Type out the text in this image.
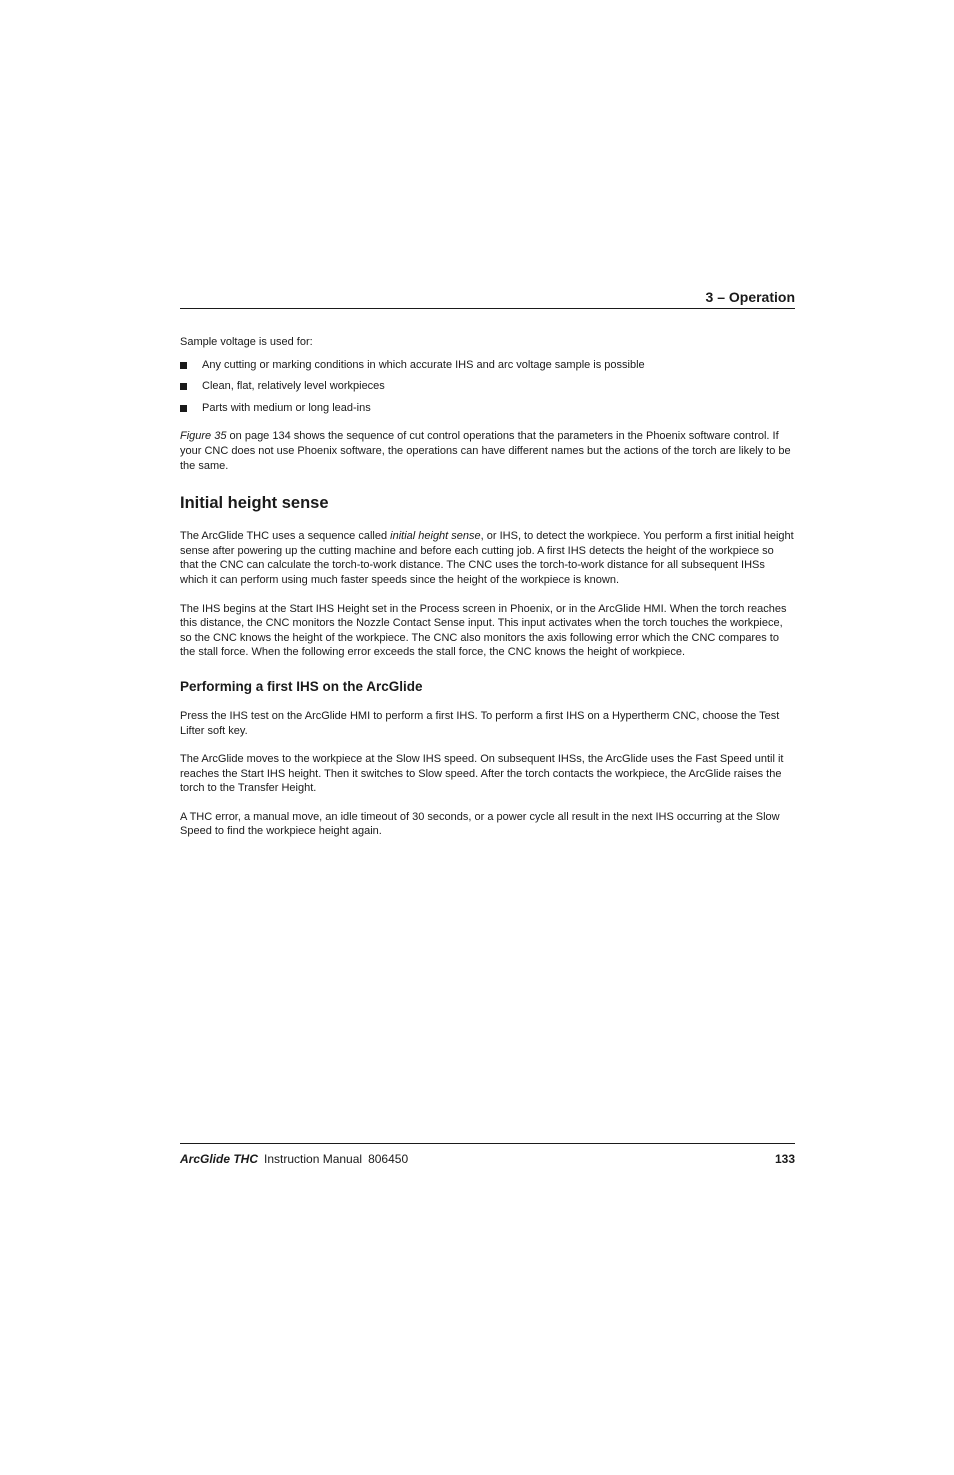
3 – Operation

Sample voltage is used for:

Any cutting or marking conditions in which accurate IHS and arc voltage sample is possible
Clean, flat, relatively level workpieces
Parts with medium or long lead-ins

Figure 35 on page 134 shows the sequence of cut control operations that the parameters in the Phoenix software control. If your CNC does not use Phoenix software, the operations can have different names but the actions of the torch are likely to be the same.

Initial height sense

The ArcGlide THC uses a sequence called initial height sense, or IHS, to detect the workpiece. You perform a first initial height sense after powering up the cutting machine and before each cutting job. A first IHS detects the height of the workpiece so that the CNC can calculate the torch-to-work distance. The CNC uses the torch-to-work distance for all subsequent IHSs which it can perform using much faster speeds since the height of the workpiece is known.

The IHS begins at the Start IHS Height set in the Process screen in Phoenix, or in the ArcGlide HMI. When the torch reaches this distance, the CNC monitors the Nozzle Contact Sense input. This input activates when the torch touches the workpiece, so the CNC knows the height of the workpiece. The CNC also monitors the axis following error which the CNC compares to the stall force. When the following error exceeds the stall force, the CNC knows the height of workpiece.

Performing a first IHS on the ArcGlide

Press the IHS test on the ArcGlide HMI to perform a first IHS. To perform a first IHS on a Hypertherm CNC, choose the Test Lifter soft key.

The ArcGlide moves to the workpiece at the Slow IHS speed. On subsequent IHSs, the ArcGlide uses the Fast Speed until it reaches the Start IHS height. Then it switches to Slow speed. After the torch contacts the workpiece, the ArcGlide raises the torch to the Transfer Height.

A THC error, a manual move, an idle timeout of 30 seconds, or a power cycle all result in the next IHS occurring at the Slow Speed to find the workpiece height again.

ArcGlide THC Instruction Manual 806450	133
